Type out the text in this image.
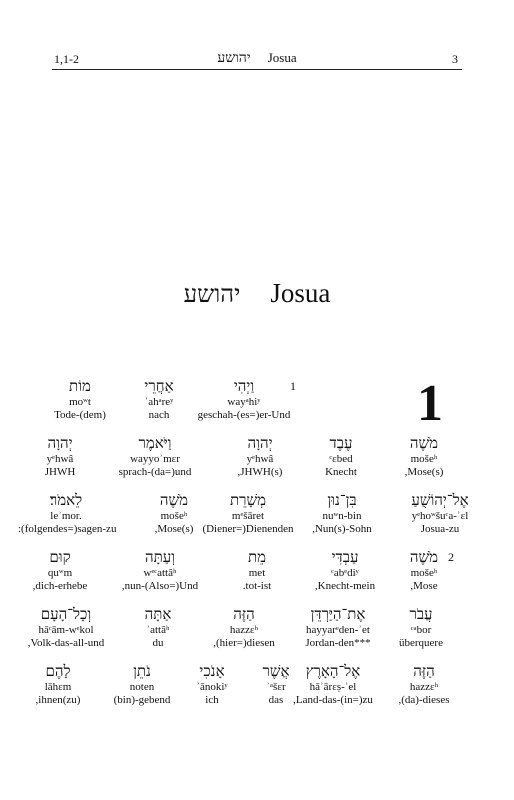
1,1-2	יהושע Josua	3
יהושע Josua
1
1
וַיְהִי
wayᵃhiʸ
geschah-(es=)er-Und
אַחֲרֵי
ʾahᵃreʸ
nach
מוֹת
moʷt
Tode-(dem)
מֹשֶׁה
mošeʰ
,Mose(s)
עֶבֶד
ᶜɛbed
Knecht
יְהוָה
yᵉhwâ
,JHWH(s)
וַיֹּאמֶר
wayyoʾmɛr
sprach-(da=)und
יְהוָה
yᵉhwâ
JHWH
אֶל־יְהוֹשֻׁעַ
yᵉhoʷšuᶜa-ʾɛl
Josua-zu
בִּן־נוּן
nuʷn-bin
,Nun(s)-Sohn
מְשָׁרֵת
mᵉšāret
(Diener=)Dienenden
מֹשֶׁה
mošeʰ
,Mose(s)
לֵאמֹר׃
leʾmor.
:(folgendes=)sagen-zu
2
מֹשֶׁה
mošeʰ
,Mose
עַבְדִּי
ᶜabᵉdiʸ
,Knecht-mein
מֵת
met
.tot-ist
וְעַתָּה
wᵉᶜattâʰ
,nun-(Also=)Und
קוּם
quʷm
,dich-erhebe
עֲבֹר
ᶜᵃbor
überquere
אֶת־הַיַּרְדֵּן
hayyarᵉden-ʾet
Jordan-den***
הַזֶּה
hazzɛʰ
,(hier=)diesen
אַתָּה
ʾattâʰ
du
וְכָל־הָעָם
hāᶜām-wᵉkol
,Volk-das-all-und
הַזֶּה
hazzɛʰ
,(da)-dieses
אֶל־הָאָרֶץ
hāʾārɛṣ-ʾel
,Land-das-(in=)zu
אֲשֶׁר
ʾᵃšɛr
das
אָנֹכִי
ʾānokiʸ
ich
נֹתֵן
noten
(bin)-gebend
לָהֶם
lāhɛm
,ihnen(zu)
